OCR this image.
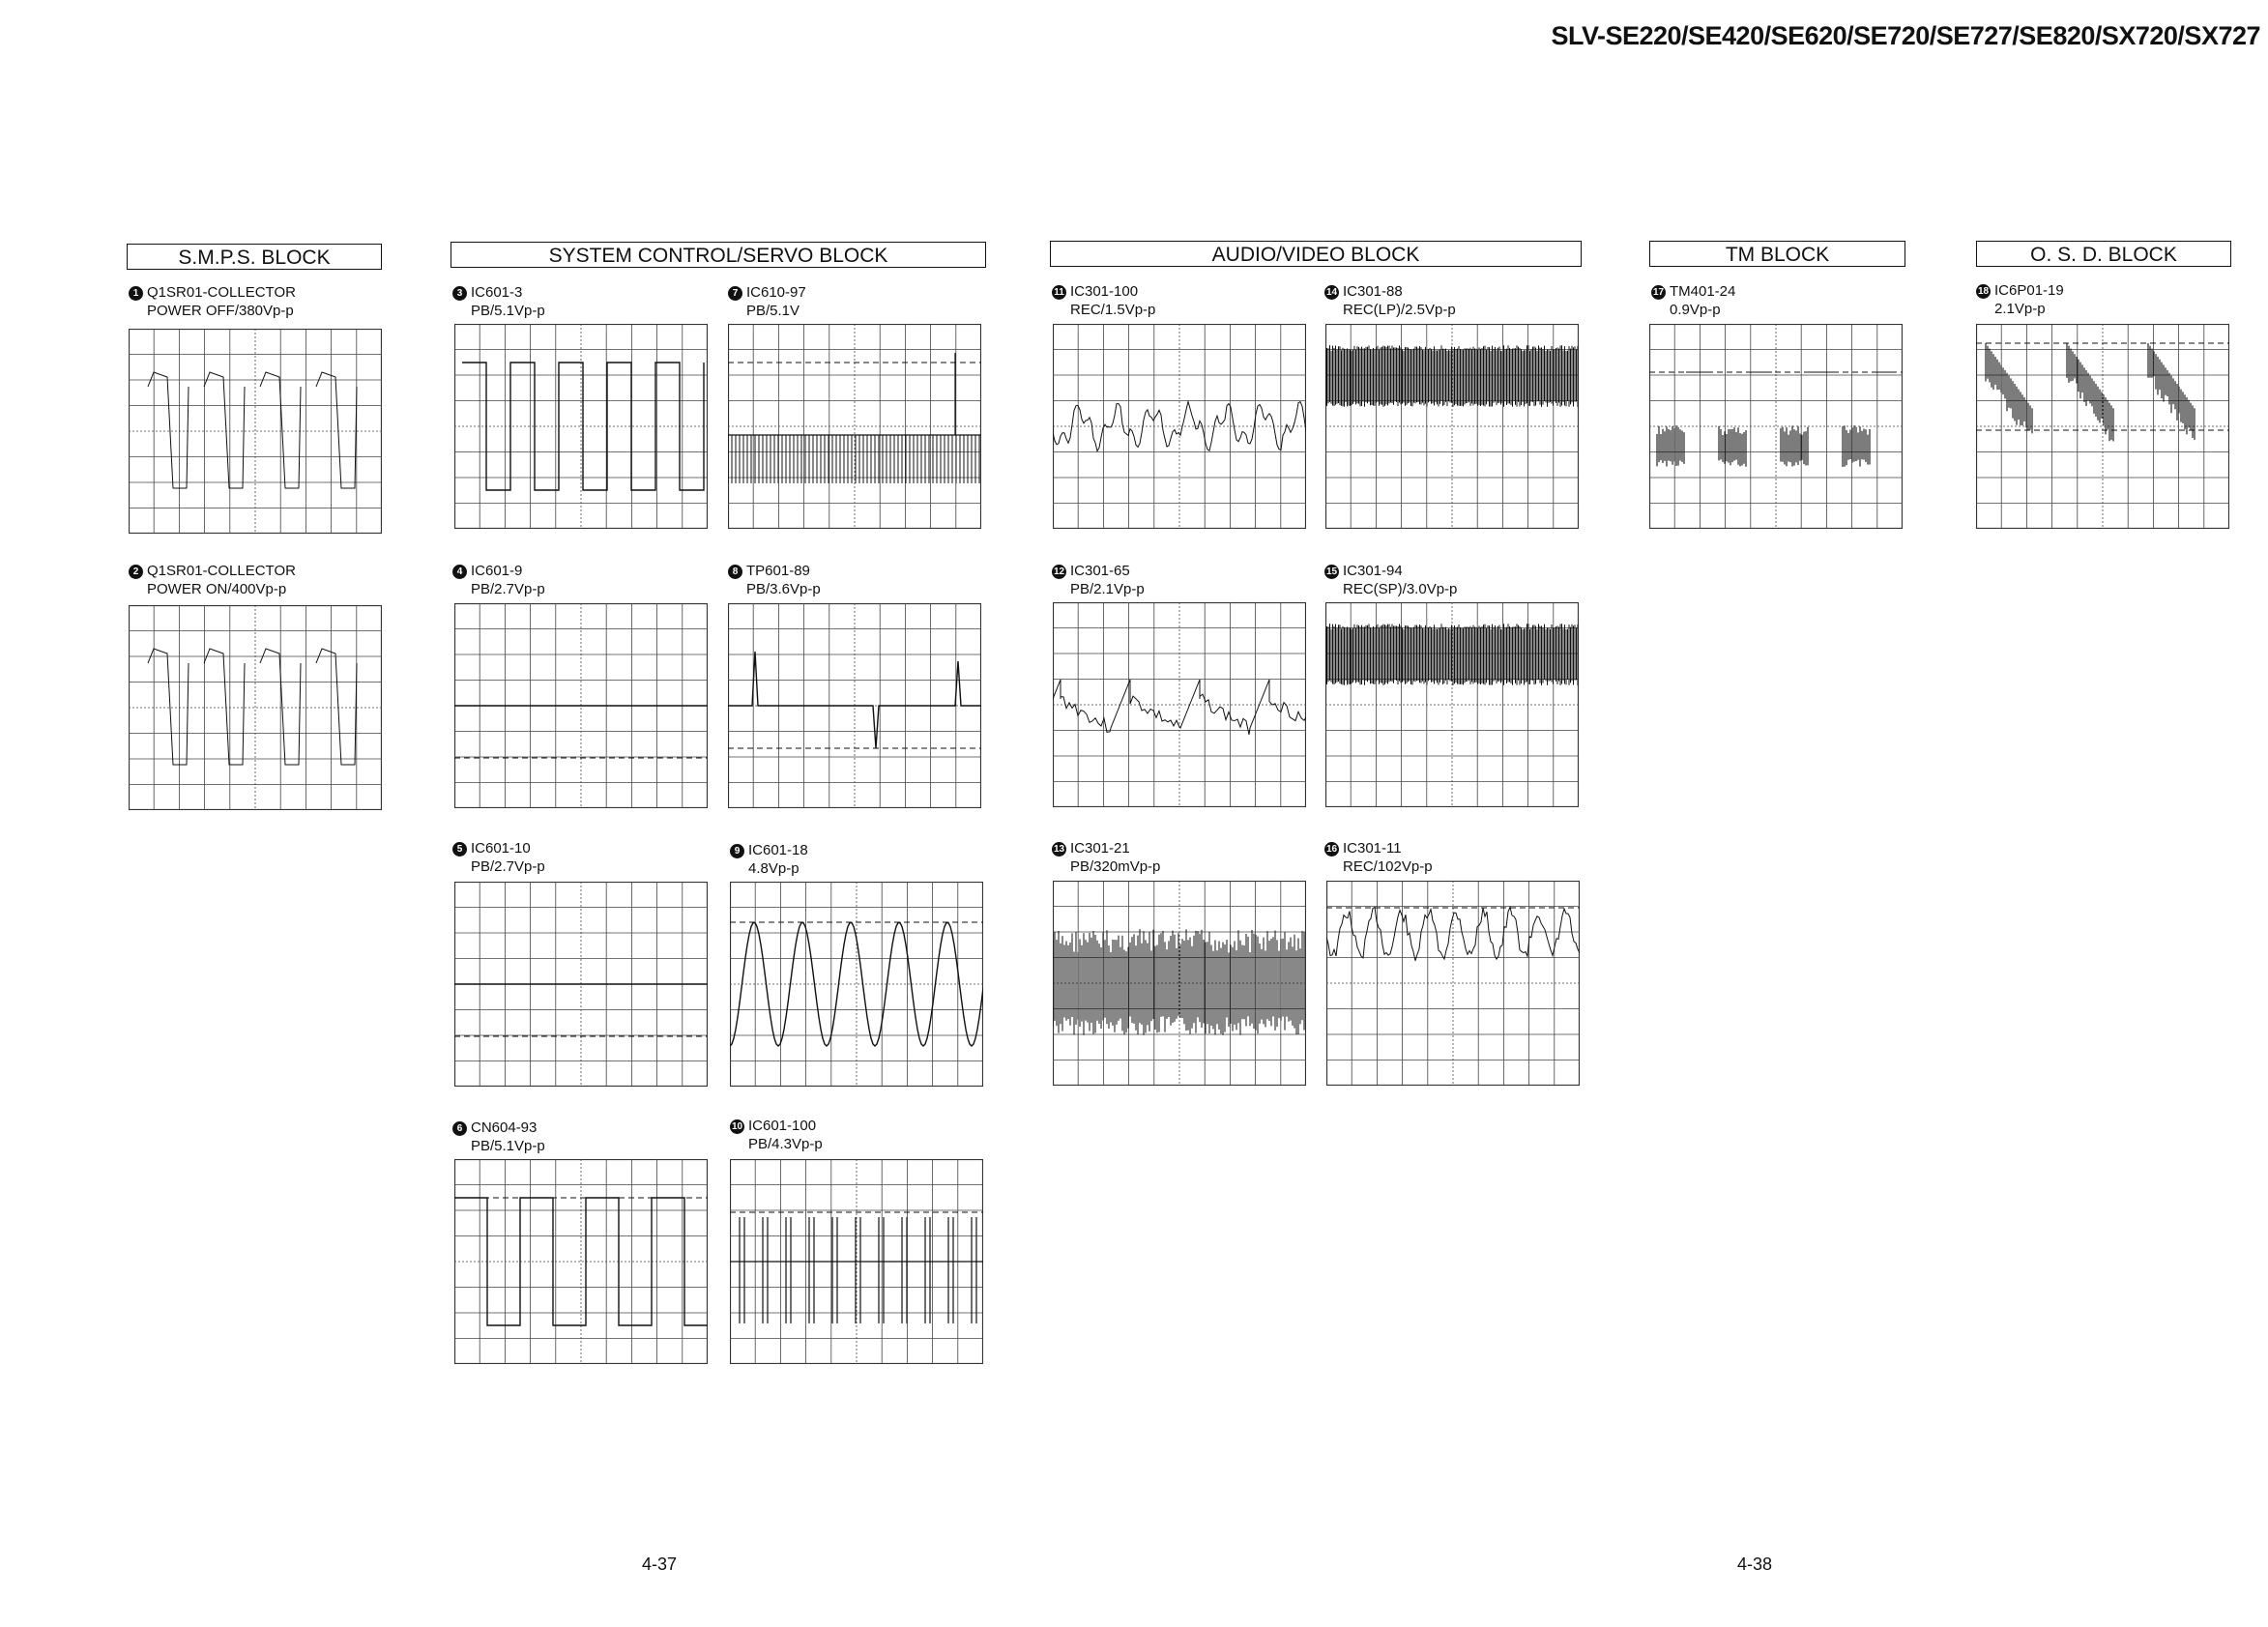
SLV-SE220/SE420/SE620/SE720/SE727/SE820/SX720/SX727
S.M.P.S. BLOCK	SYSTEM CONTROL/SERVO BLOCK	AUDIO/VIDEO BLOCK	TM BLOCK	O. S. D. BLOCK
1 Q1SR01-COLLECTOR
POWER OFF/380Vp-p
2 Q1SR01-COLLECTOR
POWER ON/400Vp-p
3 IC601-3
PB/5.1Vp-p
4 IC601-9
PB/2.7Vp-p
5 IC601-10
PB/2.7Vp-p
6 CN604-93
PB/5.1Vp-p
7 IC610-97
PB/5.1V
8 TP601-89
PB/3.6Vp-p
9 IC601-18
4.8Vp-p
10 IC601-100
PB/4.3Vp-p
11 IC301-100
REC/1.5Vp-p
12 IC301-65
PB/2.1Vp-p
13 IC301-21
PB/320mVp-p
14 IC301-88
REC(LP)/2.5Vp-p
15 IC301-94
REC(SP)/3.0Vp-p
16 IC301-11
REC/102Vp-p
17 TM401-24
0.9Vp-p
18 IC6P01-19
2.1Vp-p
4-37	4-38
